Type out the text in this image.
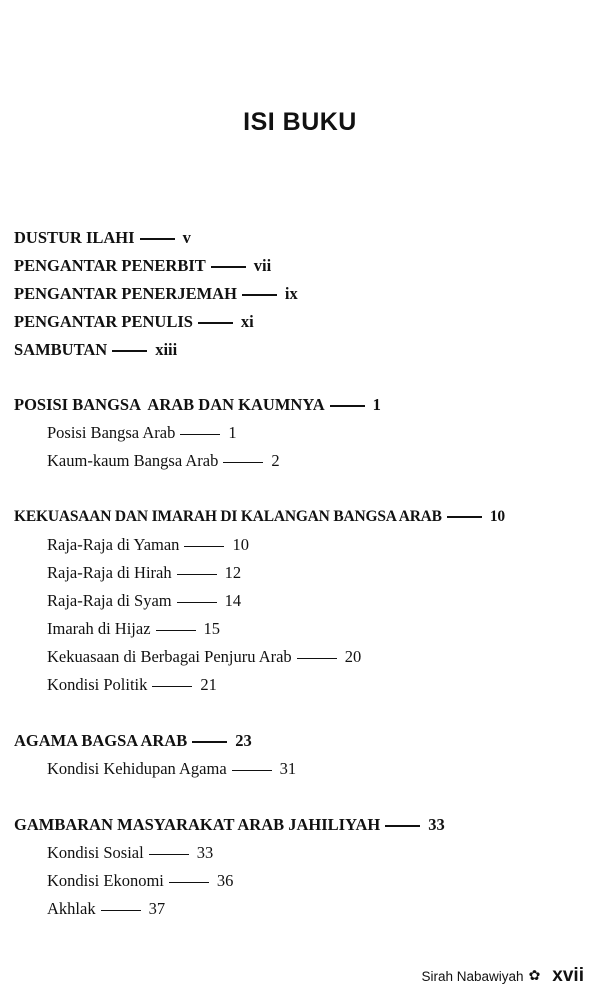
ISI BUKU
DUSTUR ILAHI	v
PENGANTAR PENERBIT	vii
PENGANTAR PENERJEMAH	ix
PENGANTAR PENULIS	xi
SAMBUTAN	xiii
POSISI BANGSA  ARAB DAN KAUMNYA	1
Posisi Bangsa Arab	1
Kaum-kaum Bangsa Arab	2
KEKUASAAN DAN IMARAH DI KALANGAN BANGSA ARAB	10
Raja-Raja di Yaman	10
Raja-Raja di Hirah	12
Raja-Raja di Syam	14
Imarah di Hijaz	15
Kekuasaan di Berbagai Penjuru Arab	20
Kondisi Politik	21
AGAMA BAGSA ARAB	23
Kondisi Kehidupan Agama	31
GAMBARAN MASYARAKAT ARAB JAHILIYAH	33
Kondisi Sosial	33
Kondisi Ekonomi	36
Akhlak	37
Sirah Nabawiyah ✿ xvii
